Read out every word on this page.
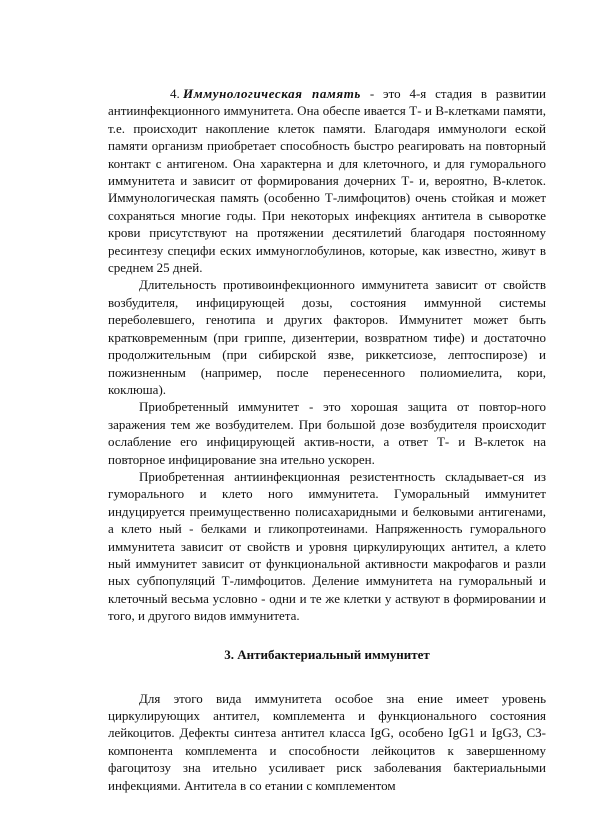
4. Иммунологическая память - это 4-я стадия в развитии антиинфекционного иммунитета. Она обеспе ивается Т- и В-клетками памяти, т.е. происходит накопление клеток памяти. Благодаря иммунологи еской памяти организм приобретает способность быстро реагировать на повторный контакт с антигеном. Она характерна и для клеточного, и для гуморального иммунитета и зависит от формирования дочерних Т- и, вероятно, В-клеток. Иммунологическая память (особенно Т-лимфоцитов) очень стойкая и может сохраняться многие годы. При некоторых инфекциях антитела в сыворотке крови присутствуют на протяжении десятилетий благодаря постоянному ресинтезу специфи еских иммуноглобулинов, которые, как известно, живут в среднем 25 дней.

Длительность противоинфекционного иммунитета зависит от свойств возбудителя, инфицирующей дозы, состояния иммунной системы переболевшего, генотипа и других факторов. Иммунитет может быть кратковременным (при гриппе, дизентерии, возвратном тифе) и достаточно продолжительным (при сибирской язве, риккетсиозе, лептоспирозе) и пожизненным (например, после перенесенного полиомиелита, кори, коклюша).

Приобретенный иммунитет - это хорошая защита от повтор-ного заражения тем же возбудителем. При большой дозе возбудителя происходит ослабление его инфицирующей актив-ности, а ответ Т- и В-клеток на повторное инфицирование зна ительно ускорен.

Приобретенная антиинфекционная резистентность складывает-ся из гуморального и клето ного иммунитета. Гуморальный иммунитет индуцируется преимущественно полисахаридными и белковыми антигенами, а клето ный - белками и гликопротеинами. Напряженность гуморального иммунитета зависит от свойств и уровня циркулирующих антител, а клето ный иммунитет зависит от функциональной активности макрофагов и разли ных субпопуляций Т-лимфоцитов. Деление иммунитета на гуморальный и клеточный весьма условно - одни и те же клетки у аствуют в формировании и того, и другого видов иммунитета.

3. Антибактериальный иммунитет

Для этого вида иммунитета особое зна ение имеет уровень циркулирующих антител, комплемента и функционального состояния лейкоцитов. Дефекты синтеза антител класса IgG, особено IgG1 и IgG3, С3-компонента комплемента и способности лейкоцитов к завершенному фагоцитозу зна ительно усиливает риск заболевания бактериальными инфекциями. Антитела в со етании с комплементом
